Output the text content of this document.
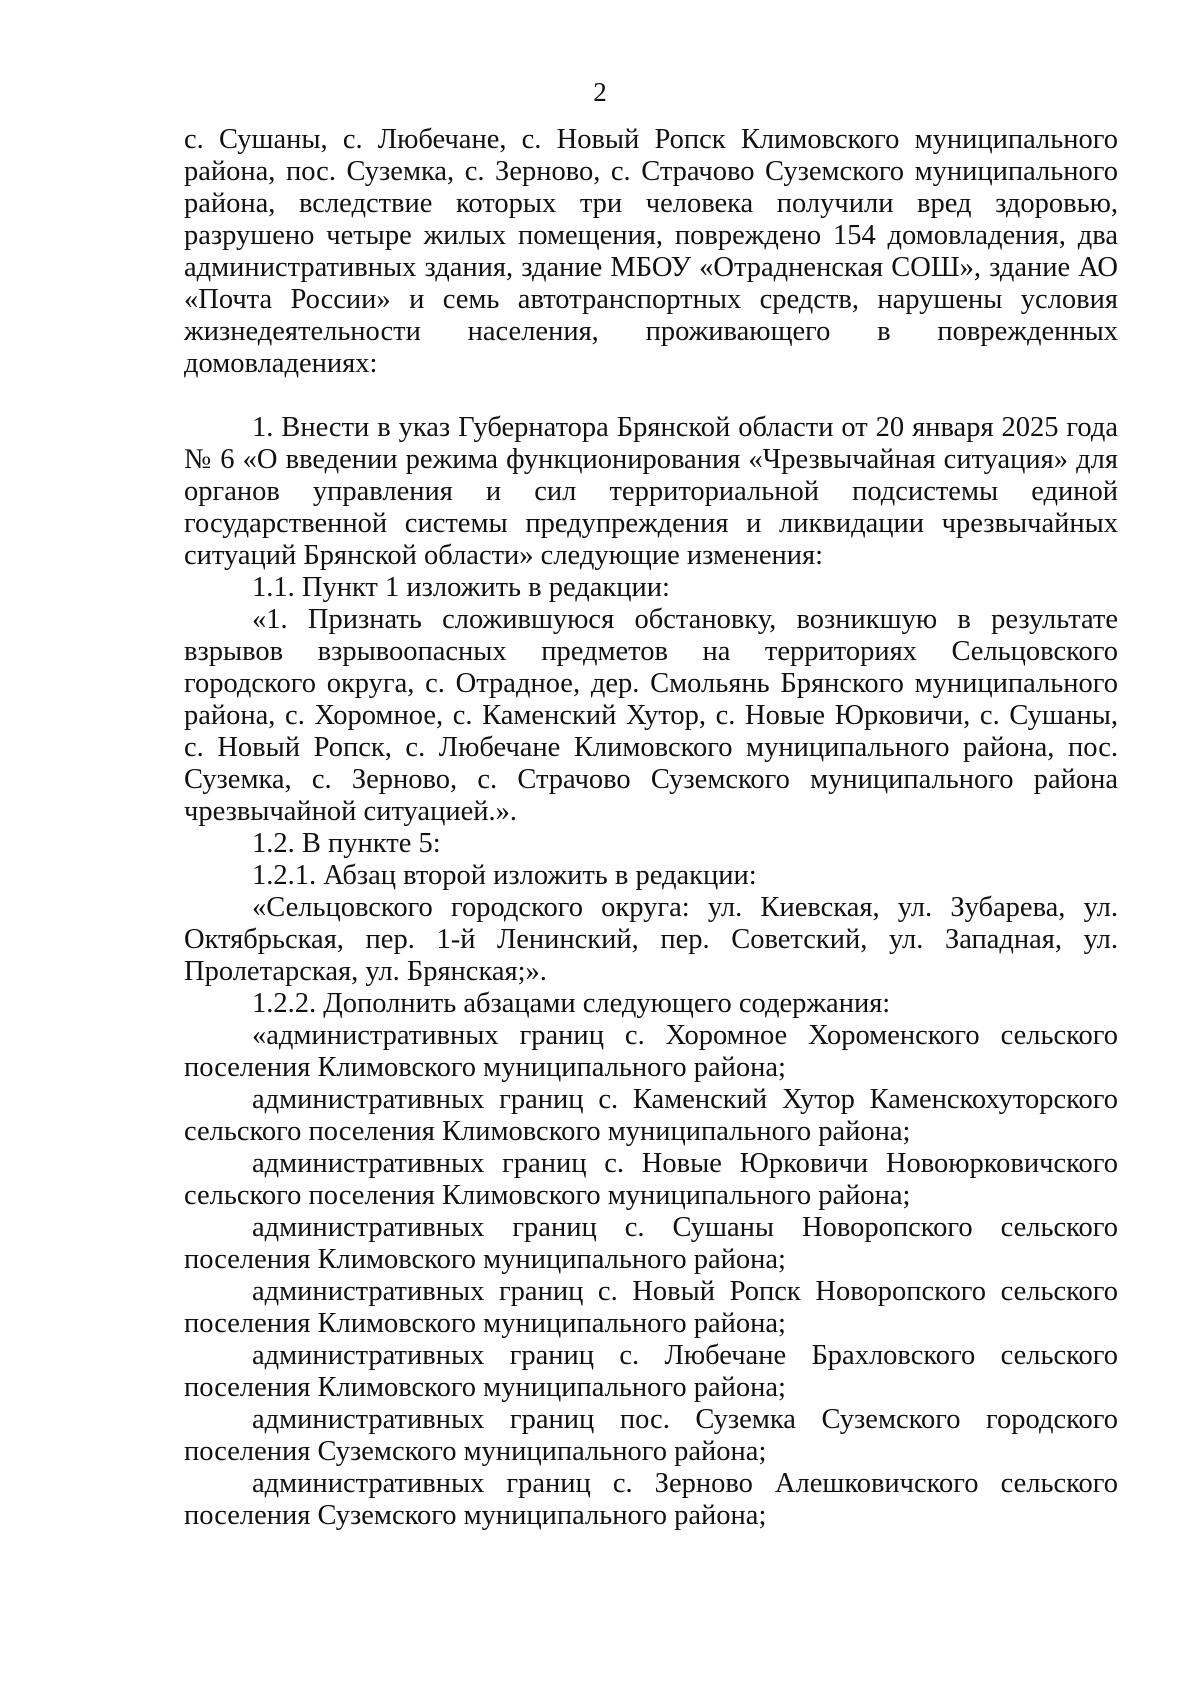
2

с. Сушаны, с. Любечане, с. Новый Ропск Климовского муниципального района, пос. Суземка, с. Зерново, с. Страчово Суземского муниципального района, вследствие которых три человека получили вред здоровью, разрушено четыре жилых помещения, повреждено 154 домовладения, два административных здания, здание МБОУ «Отрадненская СОШ», здание АО «Почта России» и семь автотранспортных средств, нарушены условия жизнедеятельности населения, проживающего в поврежденных домовладениях:

1. Внести в указ Губернатора Брянской области от 20 января 2025 года № 6 «О введении режима функционирования «Чрезвычайная ситуация» для органов управления и сил территориальной подсистемы единой государственной системы предупреждения и ликвидации чрезвычайных ситуаций Брянской области» следующие изменения:

1.1. Пункт 1 изложить в редакции:

«1. Признать сложившуюся обстановку, возникшую в результате взрывов взрывоопасных предметов на территориях Сельцовского городского округа, с. Отрадное, дер. Смольянь Брянского муниципального района, с. Хоромное, с. Каменский Хутор, с. Новые Юрковичи, с. Сушаны, с. Новый Ропск, с. Любечане Климовского муниципального района, пос. Суземка, с. Зерново, с. Страчово Суземского муниципального района чрезвычайной ситуацией.».

1.2. В пункте 5:

1.2.1. Абзац второй изложить в редакции:

«Сельцовского городского округа: ул. Киевская, ул. Зубарева, ул. Октябрьская, пер. 1-й Ленинский, пер. Советский, ул. Западная, ул. Пролетарская, ул. Брянская;».

1.2.2. Дополнить абзацами следующего содержания:

«административных границ с. Хоромное Хороменского сельского поселения Климовского муниципального района;

административных границ с. Каменский Хутор Каменскохуторского сельского поселения Климовского муниципального района;

административных границ с. Новые Юрковичи Новоюрковичского сельского поселения Климовского муниципального района;

административных границ с. Сушаны Новоропского сельского поселения Климовского муниципального района;

административных границ с. Новый Ропск Новоропского сельского поселения Климовского муниципального района;

административных границ с. Любечане Брахловского сельского поселения Климовского муниципального района;

административных границ пос. Суземка Суземского городского поселения Суземского муниципального района;

административных границ с. Зерново Алешковичского сельского поселения Суземского муниципального района;
